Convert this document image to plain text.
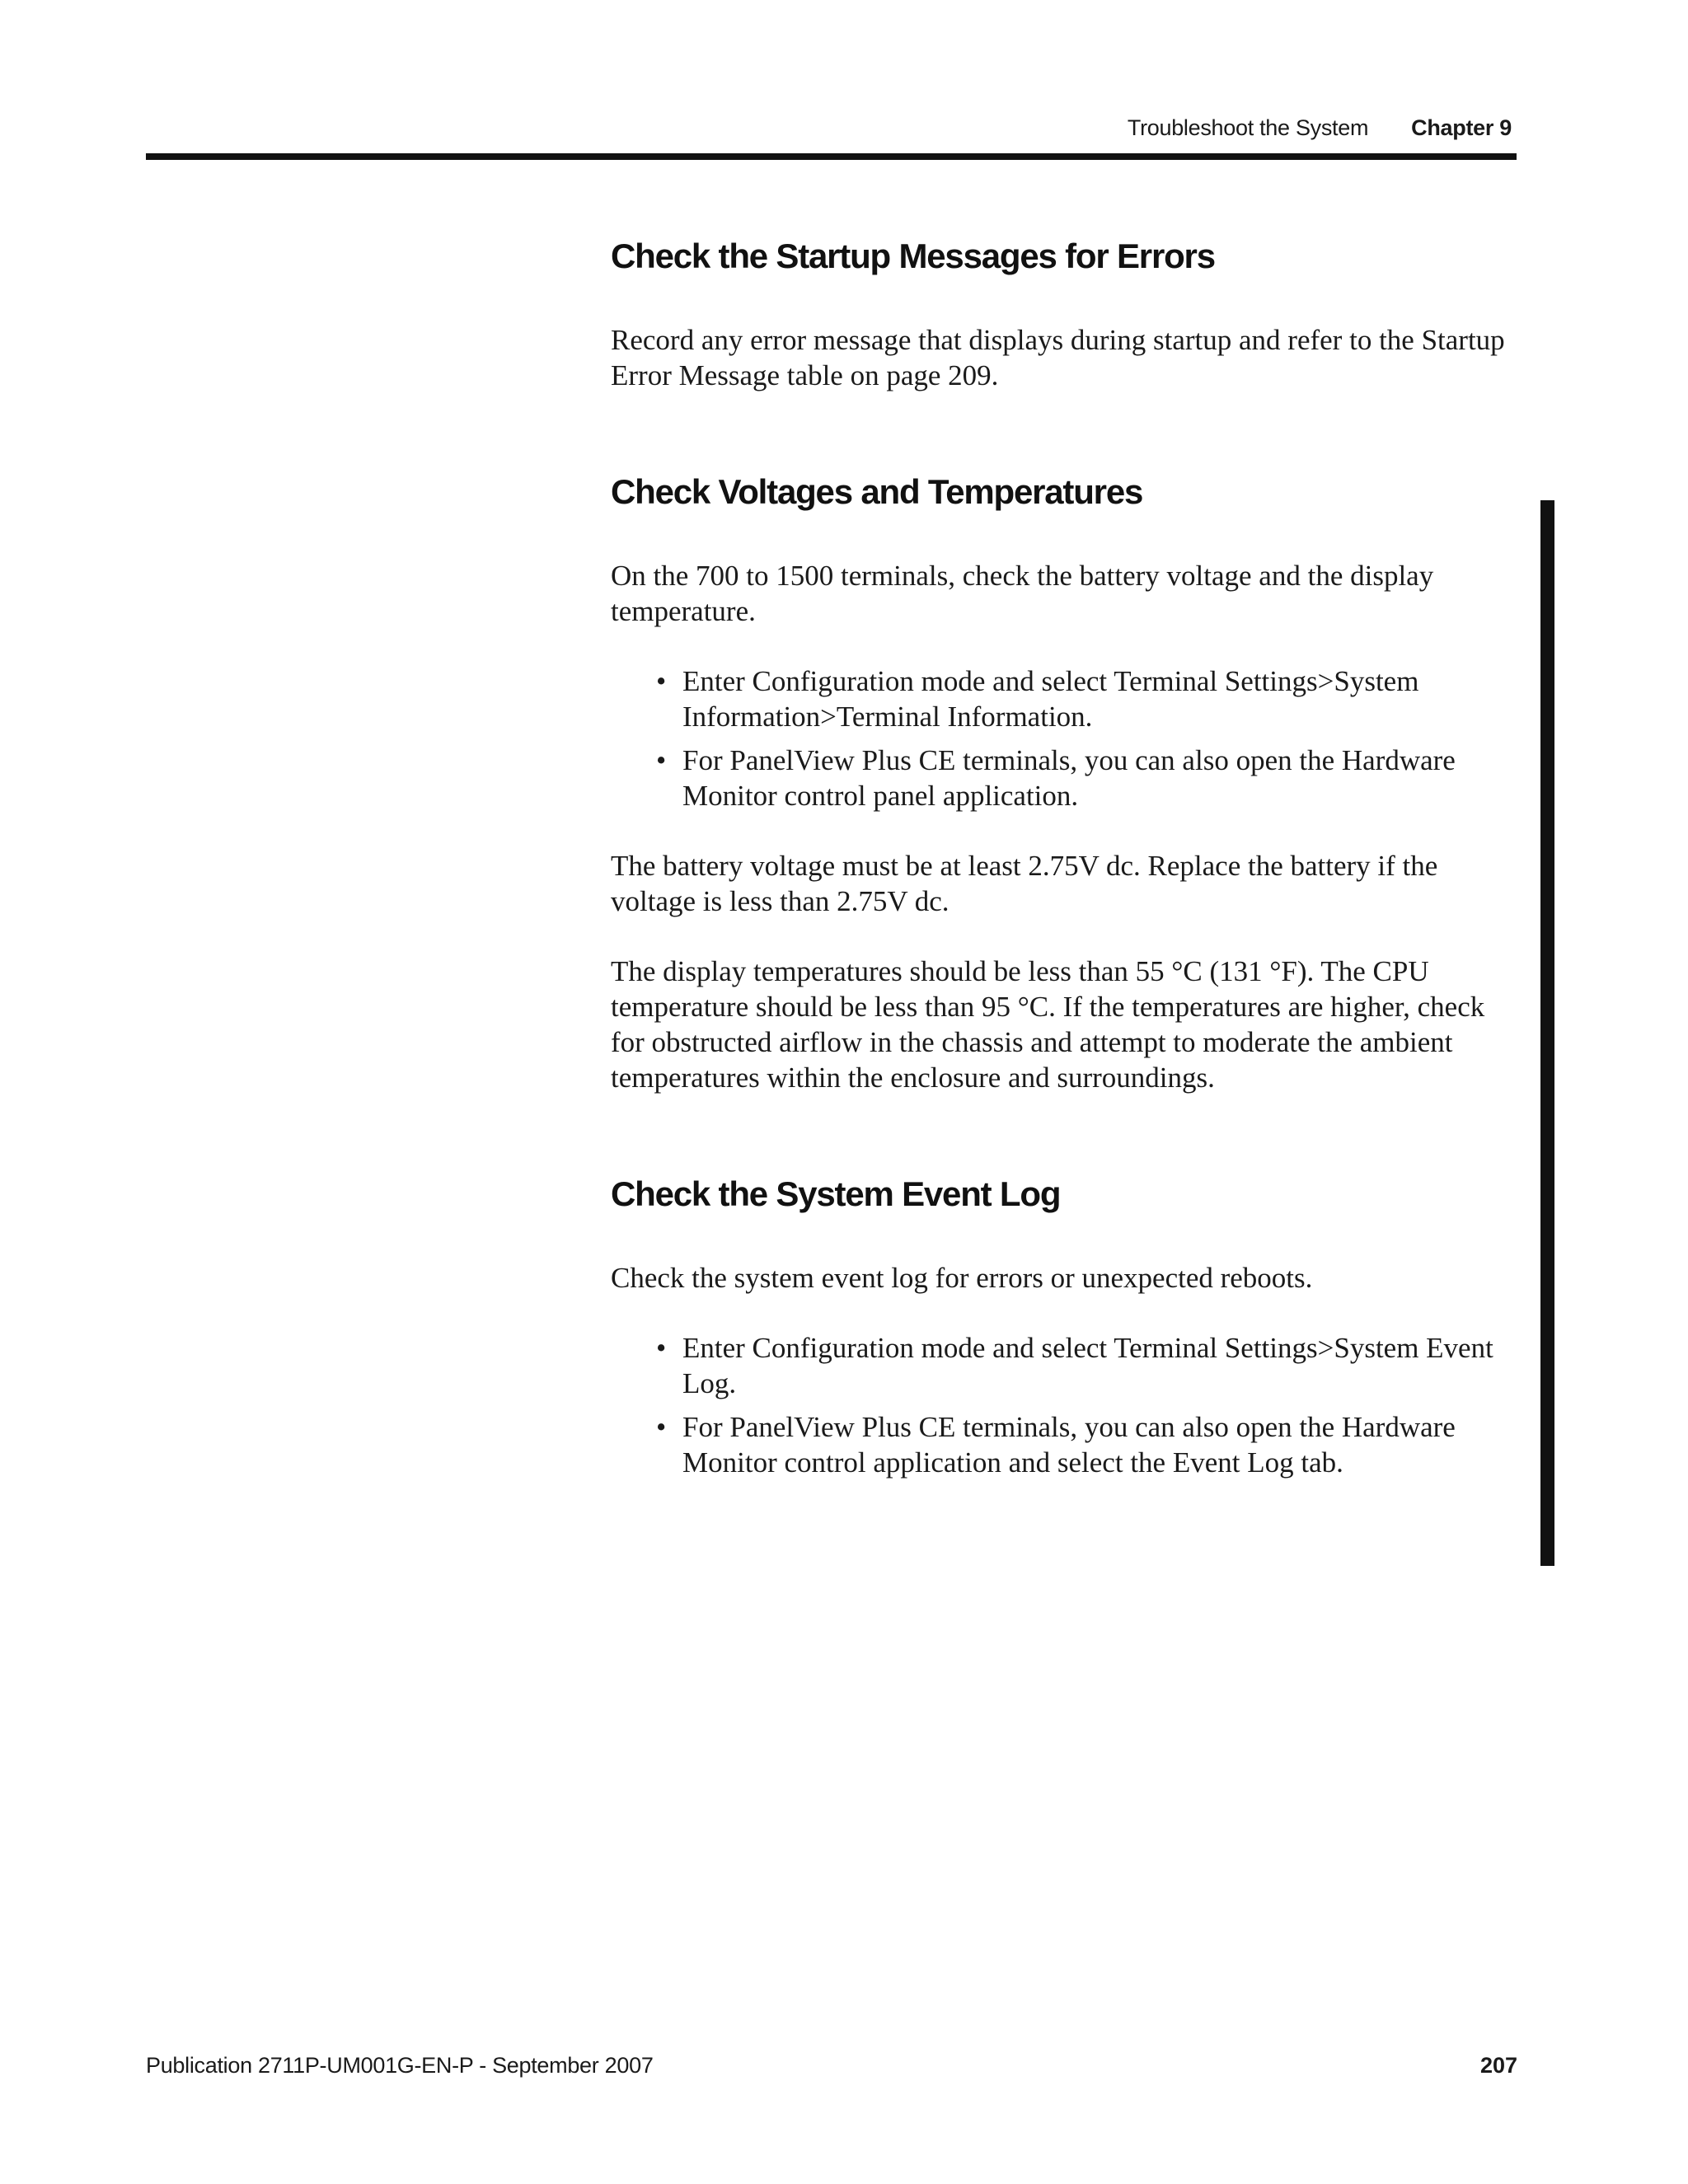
Troubleshoot the System Chapter 9
Check the Startup Messages for Errors

Record any error message that displays during startup and refer to the Startup Error Message table on page 209.

Check Voltages and Temperatures

On the 700 to 1500 terminals, check the battery voltage and the display temperature.

• Enter Configuration mode and select Terminal Settings>System Information>Terminal Information.
• For PanelView Plus CE terminals, you can also open the Hardware Monitor control panel application.

The battery voltage must be at least 2.75V dc. Replace the battery if the voltage is less than 2.75V dc.

The display temperatures should be less than 55 °C (131 °F). The CPU temperature should be less than 95 °C. If the temperatures are higher, check for obstructed airflow in the chassis and attempt to moderate the ambient temperatures within the enclosure and surroundings.

Check the System Event Log

Check the system event log for errors or unexpected reboots.

• Enter Configuration mode and select Terminal Settings>System Event Log.
• For PanelView Plus CE terminals, you can also open the Hardware Monitor control application and select the Event Log tab.
Publication 2711P-UM001G-EN-P - September 2007	207
